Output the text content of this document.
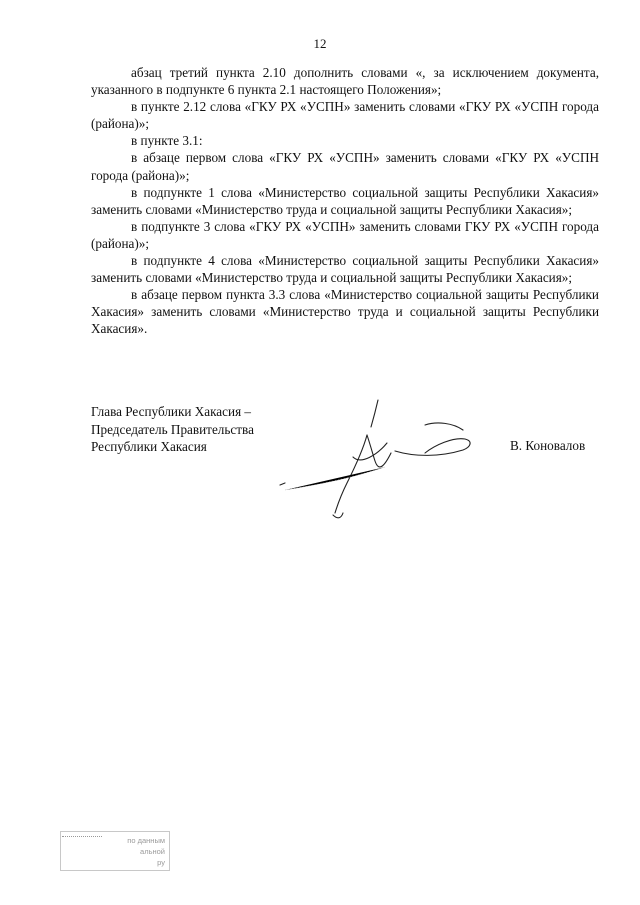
12

абзац третий пункта 2.10 дополнить словами «, за исключением документа, указанного в подпункте 6 пункта 2.1 настоящего Положения»;

в пункте 2.12 слова «ГКУ РХ «УСПН» заменить словами «ГКУ РХ «УСПН города (района)»;

в пункте 3.1:

в абзаце первом слова «ГКУ РХ «УСПН» заменить словами «ГКУ РХ «УСПН города (района)»;

в подпункте 1 слова «Министерство социальной защиты Республики Хакасия» заменить словами «Министерство труда и социальной защиты Республики Хакасия»;

в подпункте 3 слова «ГКУ РХ «УСПН» заменить словами ГКУ РХ «УСПН города (района)»;

в подпункте 4 слова «Министерство социальной защиты Республики Хакасия» заменить словами «Министерство труда и социальной защиты Республики Хакасия»;

в абзаце первом пункта 3.3 слова «Министерство социальной защиты Республики Хакасия» заменить словами «Министерство труда и социальной защиты Республики Хакасия».

Глава Республики Хакасия –
Председатель Правительства
Республики Хакасия	В. Коновалов
по данным
альной
ру
